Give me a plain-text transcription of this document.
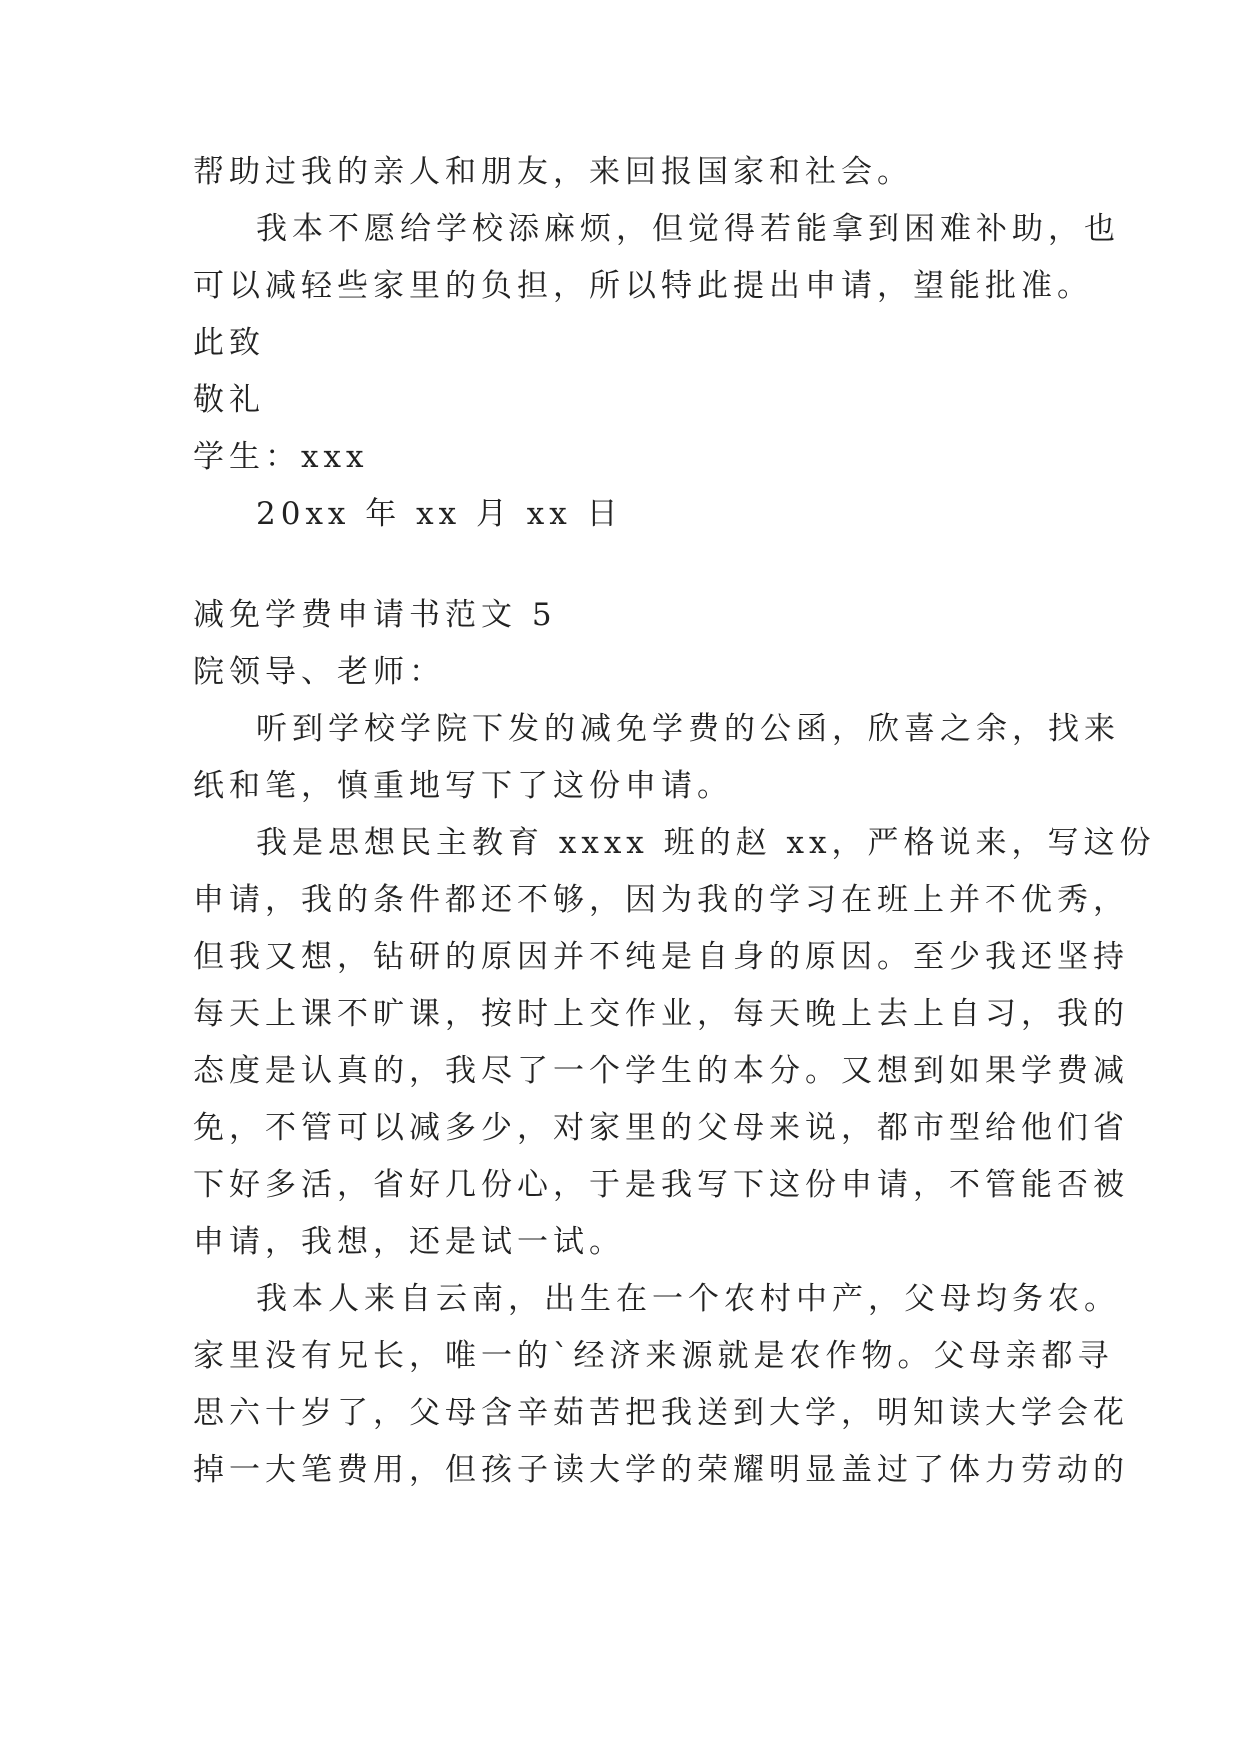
帮助过我的亲人和朋友，来回报国家和社会。
我本不愿给学校添麻烦，但觉得若能拿到困难补助，也
可以减轻些家里的负担，所以特此提出申请，望能批准。
此致
敬礼
学生：xxx
20xx 年 xx 月 xx 日
减免学费申请书范文 5
院领导、老师：
听到学校学院下发的减免学费的公函，欣喜之余，找来
纸和笔，慎重地写下了这份申请。
我是思想民主教育 xxxx 班的赵 xx，严格说来，写这份
申请，我的条件都还不够，因为我的学习在班上并不优秀，
但我又想，钻研的原因并不纯是自身的原因。至少我还坚持
每天上课不旷课，按时上交作业，每天晚上去上自习，我的
态度是认真的，我尽了一个学生的本分。又想到如果学费减
免，不管可以减多少，对家里的父母来说，都市型给他们省
下好多活，省好几份心，于是我写下这份申请，不管能否被
申请，我想，还是试一试。
我本人来自云南，出生在一个农村中产，父母均务农。
家里没有兄长，唯一的`经济来源就是农作物。父母亲都寻
思六十岁了，父母含辛茹苦把我送到大学，明知读大学会花
掉一大笔费用，但孩子读大学的荣耀明显盖过了体力劳动的
